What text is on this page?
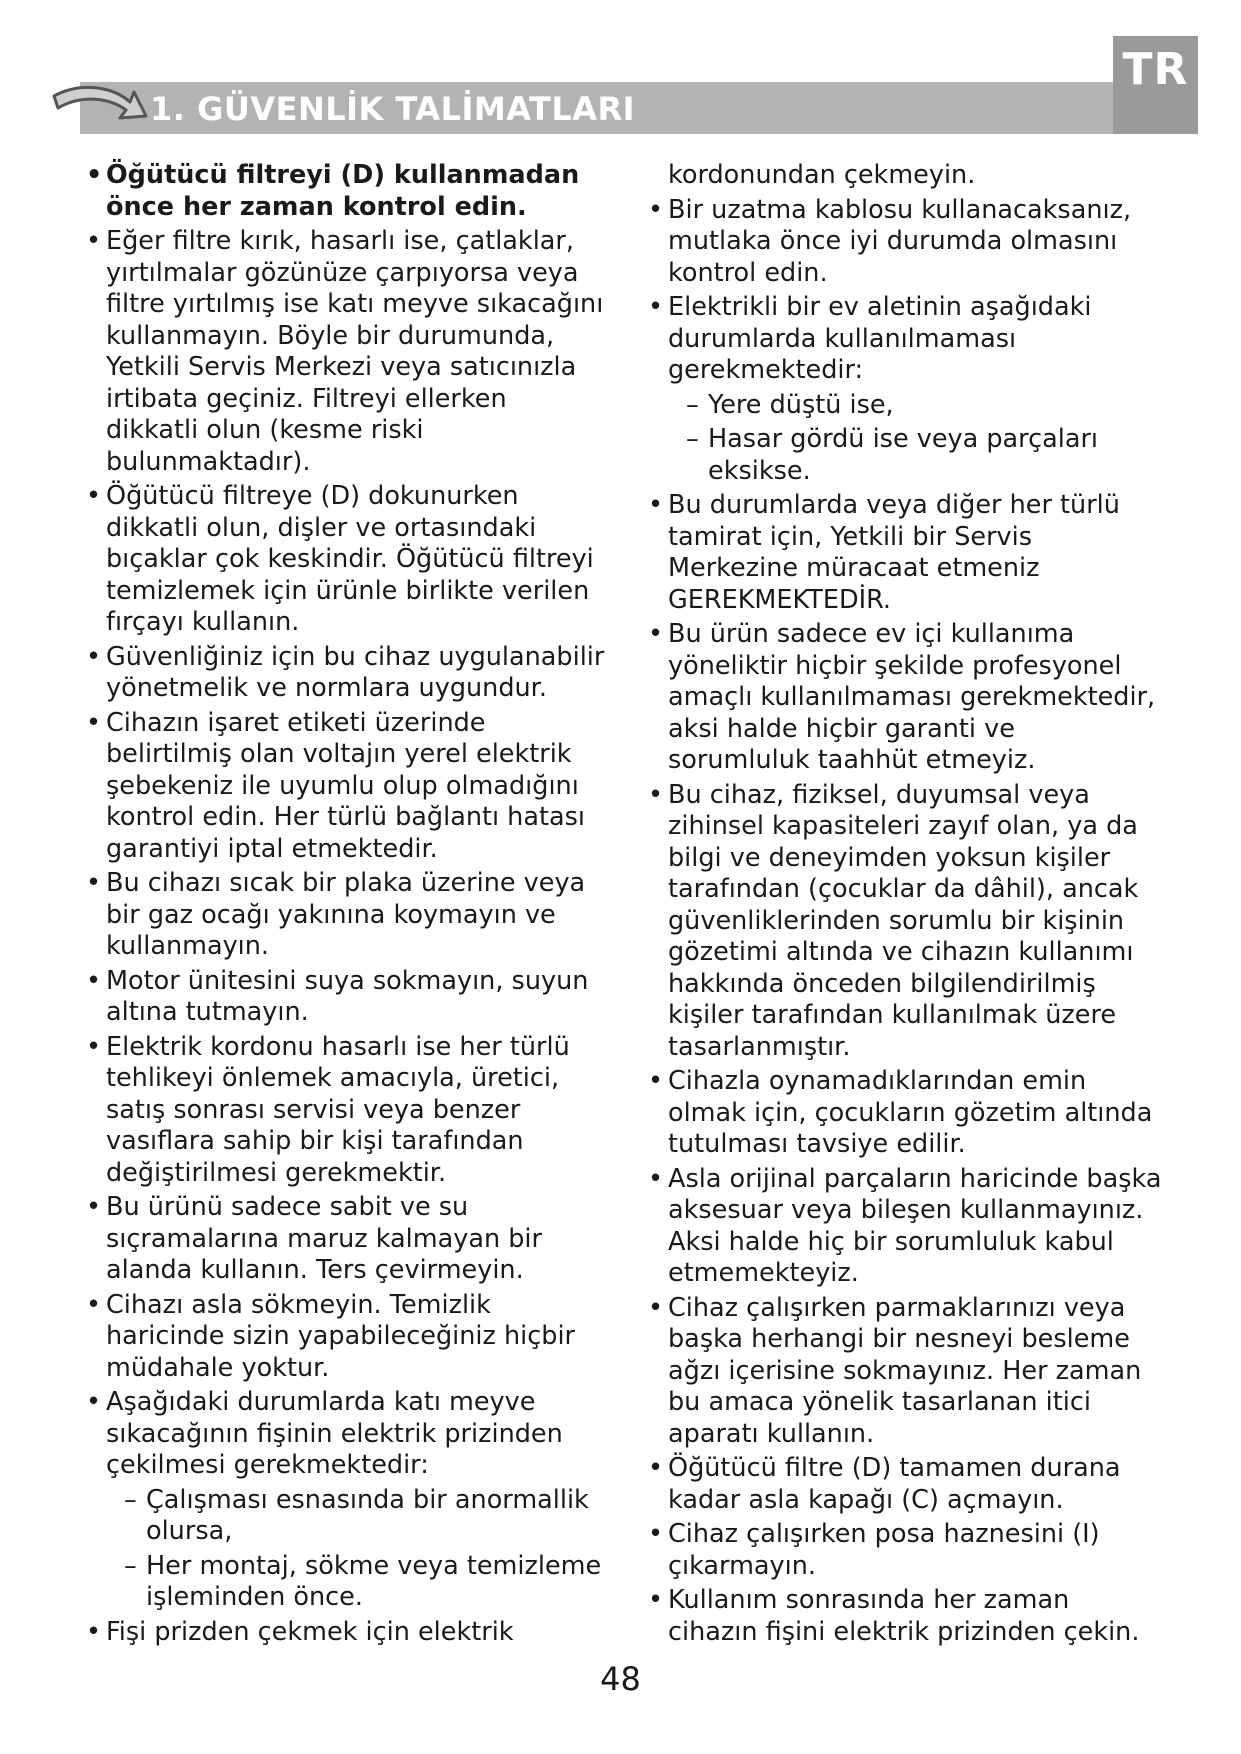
TR
1. GÜVENLİK TALİMATLARI

• Öğütücü filtreyi (D) kullanmadan önce her zaman kontrol edin.

• Eğer filtre kırık, hasarlı ise, çatlaklar, yırtılmalar gözünüze çarpıyorsa veya filtre yırtılmış ise katı meyve sıkacağını kullanmayın. Böyle bir durumunda, Yetkili Servis Merkezi veya satıcınızla irtibata geçiniz. Filtreyi ellerken dikkatli olun (kesme riski bulunmaktadır).

• Öğütücü filtreye (D) dokunurken dikkatli olun, dişler ve ortasındaki bıçaklar çok keskindir. Öğütücü filtreyi temizlemek için ürünle birlikte verilen fırçayı kullanın.

• Güvenliğiniz için bu cihaz uygulanabilir yönetmelik ve normlara uygundur.

• Cihazın işaret etiketi üzerinde belirtilmiş olan voltajın yerel elektrik şebekeniz ile uyumlu olup olmadığını kontrol edin. Her türlü bağlantı hatası garantiyi iptal etmektedir.

• Bu cihazı sıcak bir plaka üzerine veya bir gaz ocağı yakınına koymayın ve kullanmayın.

• Motor ünitesini suya sokmayın, suyun altına tutmayın.

• Elektrik kordonu hasarlı ise her türlü tehlikeyi önlemek amacıyla, üretici, satış sonrası servisi veya benzer vasıflara sahip bir kişi tarafından değiştirilmesi gerekmektir.

• Bu ürünü sadece sabit ve su sıçramalarına maruz kalmayan bir alanda kullanın. Ters çevirmeyin.

• Cihazı asla sökmeyin. Temizlik haricinde sizin yapabileceğiniz hiçbir müdahale yoktur.

• Aşağıdaki durumlarda katı meyve sıkacağının fişinin elektrik prizinden çekilmesi gerekmektedir:

– Çalışması esnasında bir anormallik olursa,

– Her montaj, sökme veya temizleme işleminden önce.

• Fişi prizden çekmek için elektrik

kordonundan çekmeyin.

• Bir uzatma kablosu kullanacaksanız, mutlaka önce iyi durumda olmasını kontrol edin.

• Elektrikli bir ev aletinin aşağıdaki durumlarda kullanılmaması gerekmektedir:

– Yere düştü ise,

– Hasar gördü ise veya parçaları eksikse.

• Bu durumlarda veya diğer her türlü tamirat için, Yetkili bir Servis Merkezine müracaat etmeniz GEREKMEKTEDİR.

• Bu ürün sadece ev içi kullanıma yöneliktir hiçbir şekilde profesyonel amaçlı kullanılmaması gerekmektedir, aksi halde hiçbir garanti ve sorumluluk taahhüt etmeyiz.

• Bu cihaz, fiziksel, duyumsal veya zihinsel kapasiteleri zayıf olan, ya da bilgi ve deneyimden yoksun kişiler tarafından (çocuklar da dâhil), ancak güvenliklerinden sorumlu bir kişinin gözetimi altında ve cihazın kullanımı hakkında önceden bilgilendirilmiş kişiler tarafından kullanılmak üzere tasarlanmıştır.

• Cihazla oynamadıklarından emin olmak için, çocukların gözetim altında tutulması tavsiye edilir.

• Asla orijinal parçaların haricinde başka aksesuar veya bileşen kullanmayınız. Aksi halde hiç bir sorumluluk kabul etmemekteyiz.

• Cihaz çalışırken parmaklarınızı veya başka herhangi bir nesneyi besleme ağzı içerisine sokmayınız. Her zaman bu amaca yönelik tasarlanan itici aparatı kullanın.

• Öğütücü filtre (D) tamamen durana kadar asla kapağı (C) açmayın.

• Cihaz çalışırken posa haznesini (I) çıkarmayın.

• Kullanım sonrasında her zaman cihazın fişini elektrik prizinden çekin.

48
